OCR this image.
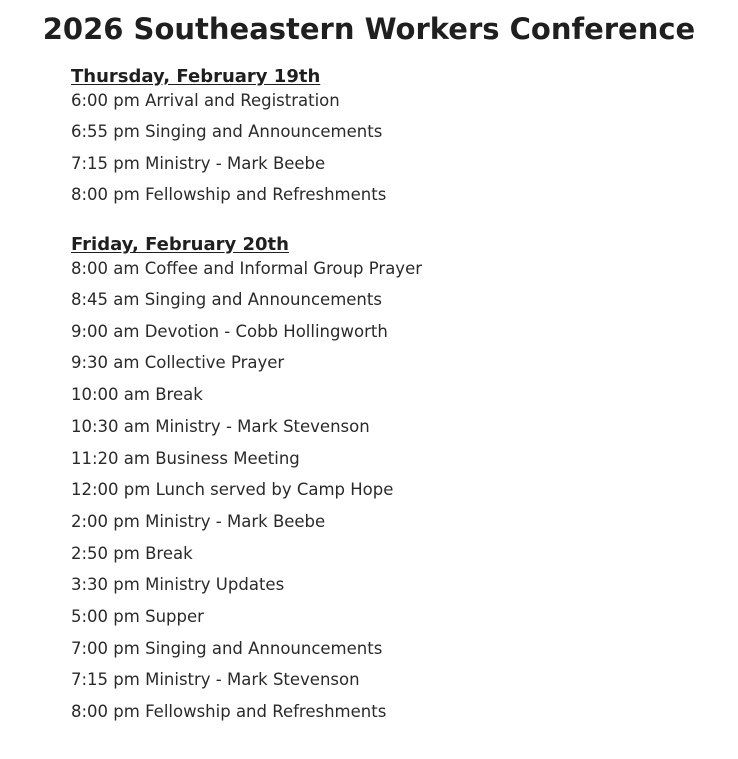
2026 Southeastern Workers Conference
Thursday, February 19th
6:00 pm Arrival and Registration
6:55 pm Singing and Announcements
7:15 pm Ministry - Mark Beebe
8:00 pm Fellowship and Refreshments
Friday, February 20th
8:00 am Coffee and Informal Group Prayer
8:45 am Singing and Announcements
9:00 am Devotion - Cobb Hollingworth
9:30 am Collective Prayer
10:00 am Break
10:30 am Ministry - Mark Stevenson
11:20 am Business Meeting
12:00 pm Lunch served by Camp Hope
2:00 pm Ministry - Mark Beebe
2:50 pm Break
3:30 pm Ministry Updates
5:00 pm Supper
7:00 pm Singing and Announcements
7:15 pm Ministry - Mark Stevenson
8:00 pm Fellowship and Refreshments
